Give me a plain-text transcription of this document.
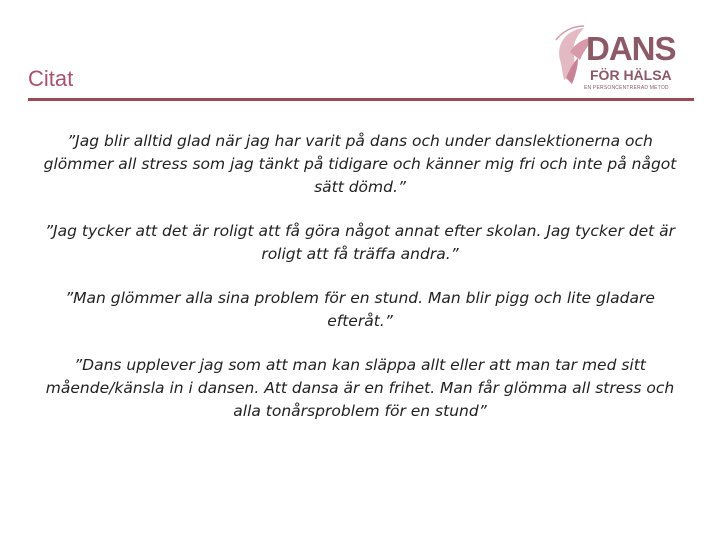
Citat
DANS
FÖR HÄLSA
EN PERSONCENTRERAD METOD

”Jag blir alltid glad när jag har varit på dans och under danslektionerna och glömmer all stress som jag tänkt på tidigare och känner mig fri och inte på något sätt dömd.”

”Jag tycker att det är roligt att få göra något annat efter skolan. Jag tycker det är roligt att få träffa andra.”

”Man glömmer alla sina problem för en stund. Man blir pigg och lite gladare efteråt.”

”Dans upplever jag som att man kan släppa allt eller att man tar med sitt mående/känsla in i dansen. Att dansa är en frihet. Man får glömma all stress och alla tonårsproblem för en stund”
